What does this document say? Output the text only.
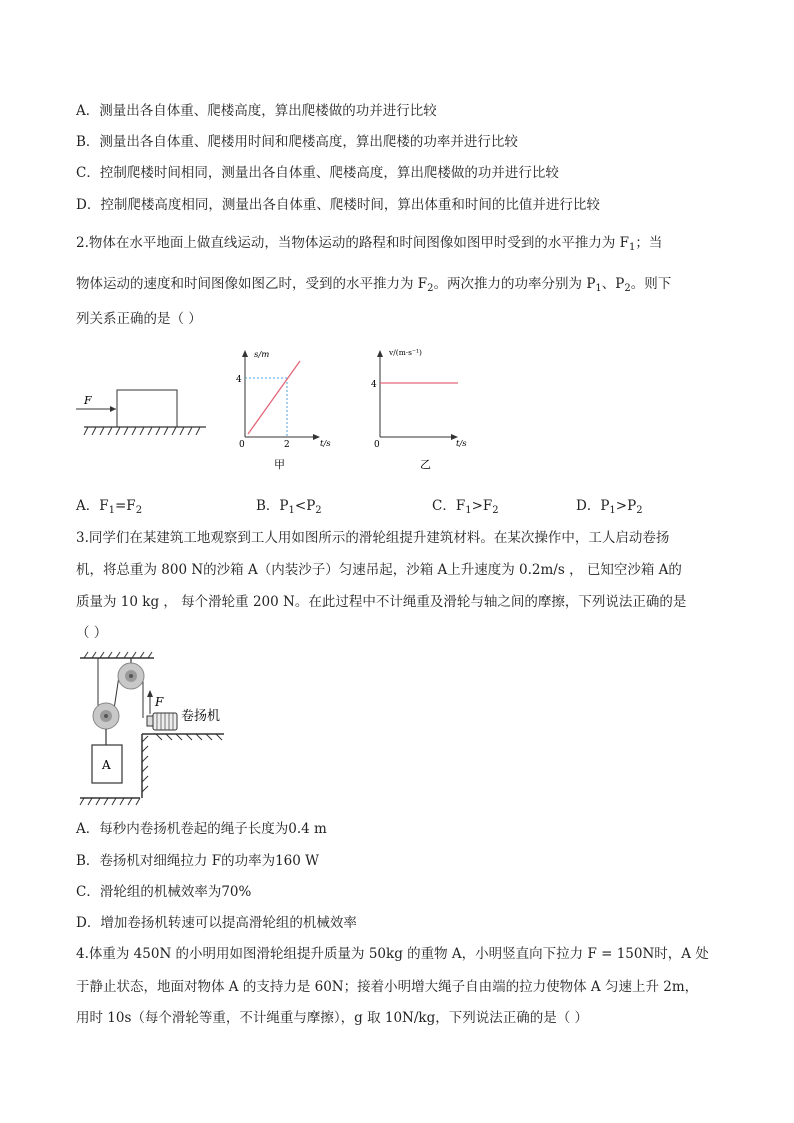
A．测量出各自体重、爬楼高度，算出爬楼做的功并进行比较
B．测量出各自体重、爬楼用时间和爬楼高度，算出爬楼的功率并进行比较
C．控制爬楼时间相同，测量出各自体重、爬楼高度，算出爬楼做的功并进行比较
D．控制爬楼高度相同，测量出各自体重、爬楼时间，算出体重和时间的比值并进行比较
2.物体在水平地面上做直线运动，当物体运动的路程和时间图像如图甲时受到的水平推力为 $F_1$；当
物体运动的速度和时间图像如图乙时，受到的水平推力为 $F_2$。两次推力的功率分别为 $P_1$、$P_2$。则下
列关系正确的是（ ）
F
s/m
t/s
4
2
0
甲
v/(m·s⁻¹)
t/s
4
0
乙
A．$F_1=F_2$	B．$P_1<P_2$	C．$F_1>F_2$	D．$P_1>P_2$
3.同学们在某建筑工地观察到工人用如图所示的滑轮组提升建筑材料。在某次操作中，工人启动卷扬
机，将总重为 800 N的沙箱 A（内装沙子）匀速吊起，沙箱 A上升速度为 0.2m/s ， 已知空沙箱 A的
质量为 10 kg ， 每个滑轮重 200 N。在此过程中不计绳重及滑轮与轴之间的摩擦，下列说法正确的是
（ ）
A
F
卷扬机
A．每秒内卷扬机卷起的绳子长度为0.4 m
B．卷扬机对细绳拉力 F的功率为160 W
C．滑轮组的机械效率为70%
D．增加卷扬机转速可以提高滑轮组的机械效率
4.体重为 450N 的小明用如图滑轮组提升质量为 50kg 的重物 A，小明竖直向下拉力 F = 150N时，A 处
于静止状态，地面对物体 A 的支持力是 60N；接着小明增大绳子自由端的拉力使物体 A 匀速上升 2m，
用时 10s（每个滑轮等重，不计绳重与摩擦），g 取 10N/kg，下列说法正确的是（ ）
